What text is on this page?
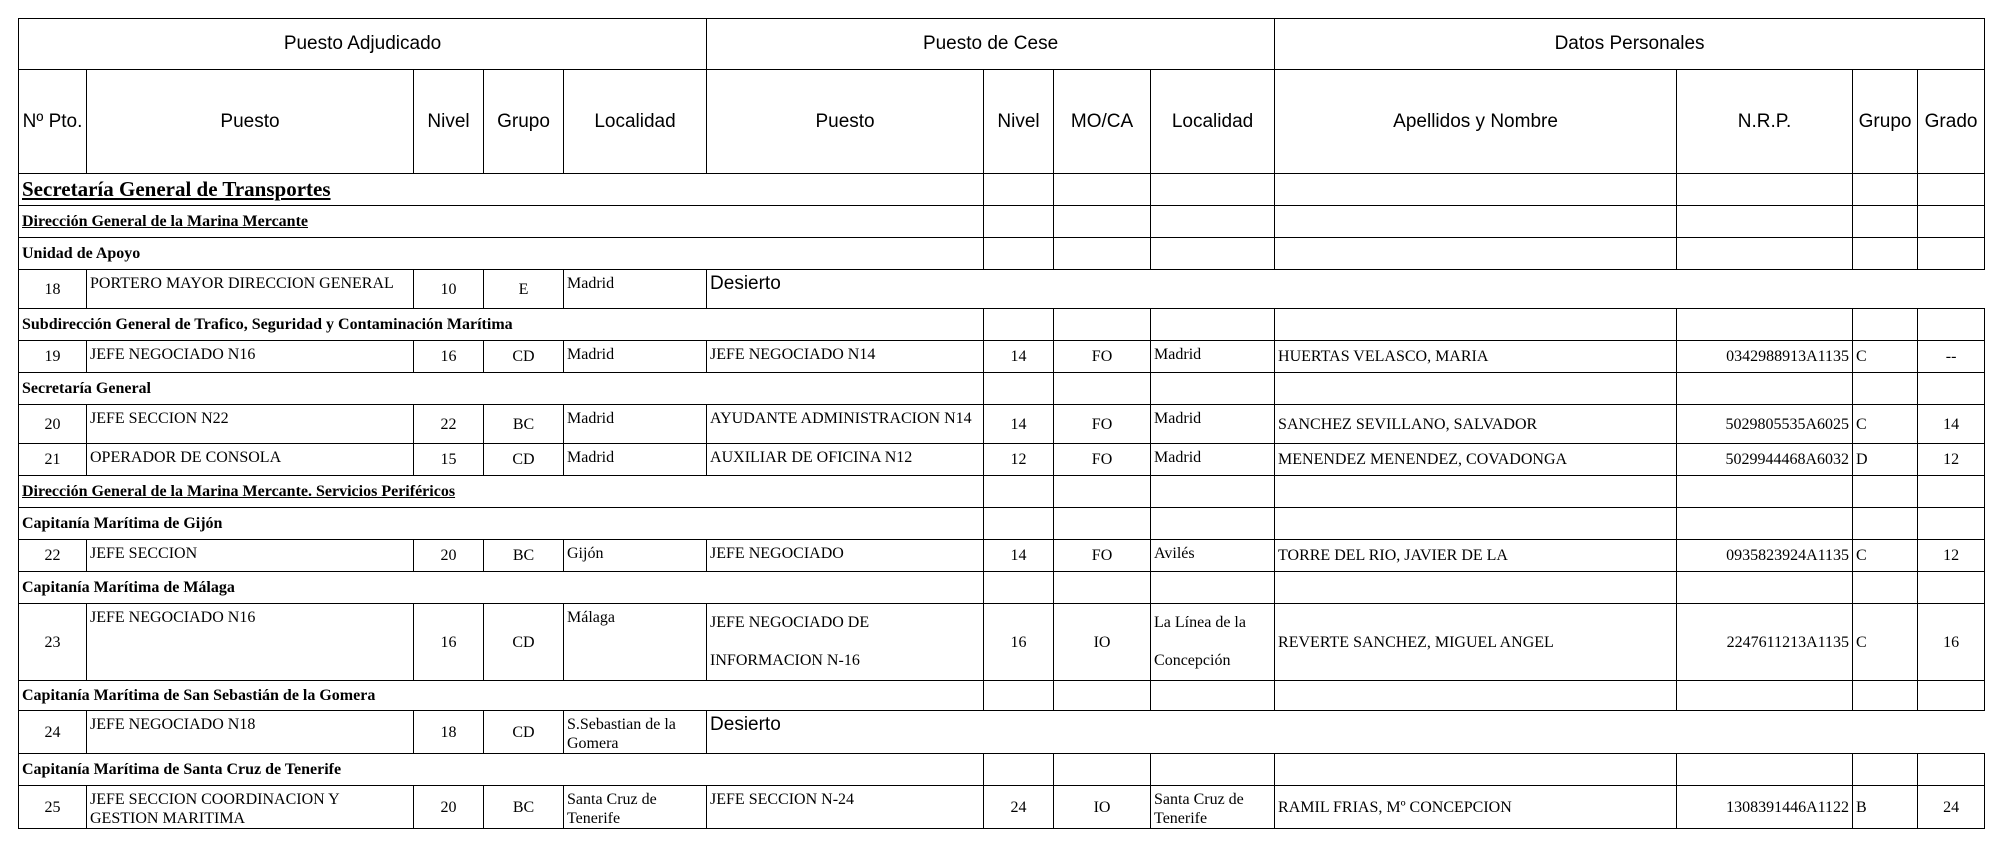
Puesto Adjudicado					Puesto de Cese				Datos Personales			
Nº Pto.	Puesto	Nivel	Grupo	Localidad	Puesto	Nivel	MO/CA	Localidad	Apellidos y Nombre	N.R.P.	Grupo	Grado
Secretaría General de Transportes												
Dirección General de la Marina Mercante												
Unidad de Apoyo												
18	PORTERO MAYOR DIRECCION GENERAL	10	E	Madrid	Desierto							
Subdirección General de Trafico, Seguridad y Contaminación Marítima												
19	JEFE NEGOCIADO N16	16	CD	Madrid	JEFE NEGOCIADO N14	14	FO	Madrid	HUERTAS VELASCO, MARIA	0342988913A1135	C	--
Secretaría General												
20	JEFE SECCION N22	22	BC	Madrid	AYUDANTE ADMINISTRACION N14	14	FO	Madrid	SANCHEZ SEVILLANO, SALVADOR	5029805535A6025	C	14
21	OPERADOR DE CONSOLA	15	CD	Madrid	AUXILIAR DE OFICINA N12	12	FO	Madrid	MENENDEZ MENENDEZ, COVADONGA	5029944468A6032	D	12
Dirección General de la Marina Mercante. Servicios Periféricos												
Capitanía Marítima de Gijón												
22	JEFE SECCION	20	BC	Gijón	JEFE NEGOCIADO	14	FO	Avilés	TORRE DEL RIO, JAVIER DE LA	0935823924A1135	C	12
Capitanía Marítima de Málaga												
23	JEFE NEGOCIADO N16	16	CD	Málaga	JEFE NEGOCIADO DE INFORMACION N-16	16	IO	La Línea de la Concepción	REVERTE SANCHEZ, MIGUEL ANGEL	2247611213A1135	C	16
Capitanía Marítima de San Sebastián de la Gomera												
24	JEFE NEGOCIADO N18	18	CD	S.Sebastian de la Gomera	Desierto							
Capitanía Marítima de Santa Cruz de Tenerife												
25	JEFE SECCION COORDINACION Y GESTION MARITIMA	20	BC	Santa Cruz de Tenerife	JEFE SECCION N-24	24	IO	Santa Cruz de Tenerife	RAMIL FRIAS, Mº CONCEPCION	1308391446A1122	B	24
